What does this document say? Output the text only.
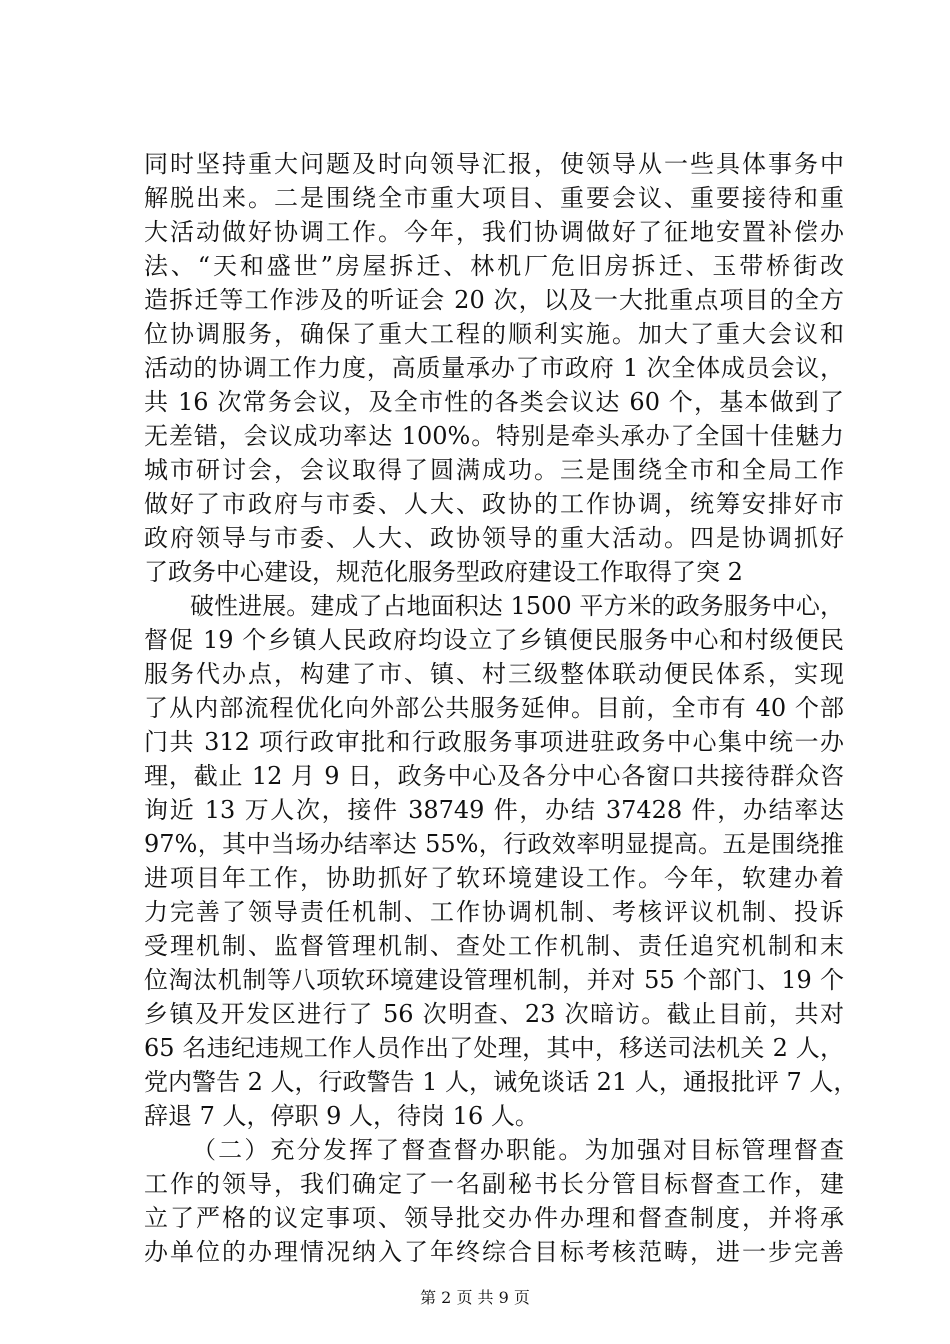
同时坚持重大问题及时向领导汇报，使领导从一些具体事务中
解脱出来。二是围绕全市重大项目、重要会议、重要接待和重
大活动做好协调工作。今年，我们协调做好了征地安置补偿办
法、“天和盛世”房屋拆迁、林机厂危旧房拆迁、玉带桥街改
造拆迁等工作涉及的听证会 20 次，以及一大批重点项目的全方
位协调服务，确保了重大工程的顺利实施。加大了重大会议和
活动的协调工作力度，高质量承办了市政府 1 次全体成员会议，
共 16 次常务会议，及全市性的各类会议达 60 个，基本做到了
无差错，会议成功率达 100%。特别是牵头承办了全国十佳魅力
城市研讨会，会议取得了圆满成功。三是围绕全市和全局工作
做好了市政府与市委、人大、政协的工作协调，统筹安排好市
政府领导与市委、人大、政协领导的重大活动。四是协调抓好
了政务中心建设，规范化服务型政府建设工作取得了突 2
破性进展。建成了占地面积达 1500 平方米的政务服务中心，
督促 19 个乡镇人民政府均设立了乡镇便民服务中心和村级便民
服务代办点，构建了市、镇、村三级整体联动便民体系，实现
了从内部流程优化向外部公共服务延伸。目前，全市有 40 个部
门共 312 项行政审批和行政服务事项进驻政务中心集中统一办
理，截止 12 月 9 日，政务中心及各分中心各窗口共接待群众咨
询近 13 万人次，接件 38749 件，办结 37428 件，办结率达
97%，其中当场办结率达 55%，行政效率明显提高。五是围绕推
进项目年工作，协助抓好了软环境建设工作。今年，软建办着
力完善了领导责任机制、工作协调机制、考核评议机制、投诉
受理机制、监督管理机制、查处工作机制、责任追究机制和末
位淘汰机制等八项软环境建设管理机制，并对 55 个部门、19 个
乡镇及开发区进行了 56 次明查、23 次暗访。截止目前，共对
65 名违纪违规工作人员作出了处理，其中，移送司法机关 2 人，
党内警告 2 人，行政警告 1 人，诫免谈话 21 人，通报批评 7 人，
辞退 7 人，停职 9 人，待岗 16 人。
（二）充分发挥了督查督办职能。为加强对目标管理督查
工作的领导，我们确定了一名副秘书长分管目标督查工作，建
立了严格的议定事项、领导批交办件办理和督查制度，并将承
办单位的办理情况纳入了年终综合目标考核范畴，进一步完善
第 2 页 共 9 页
